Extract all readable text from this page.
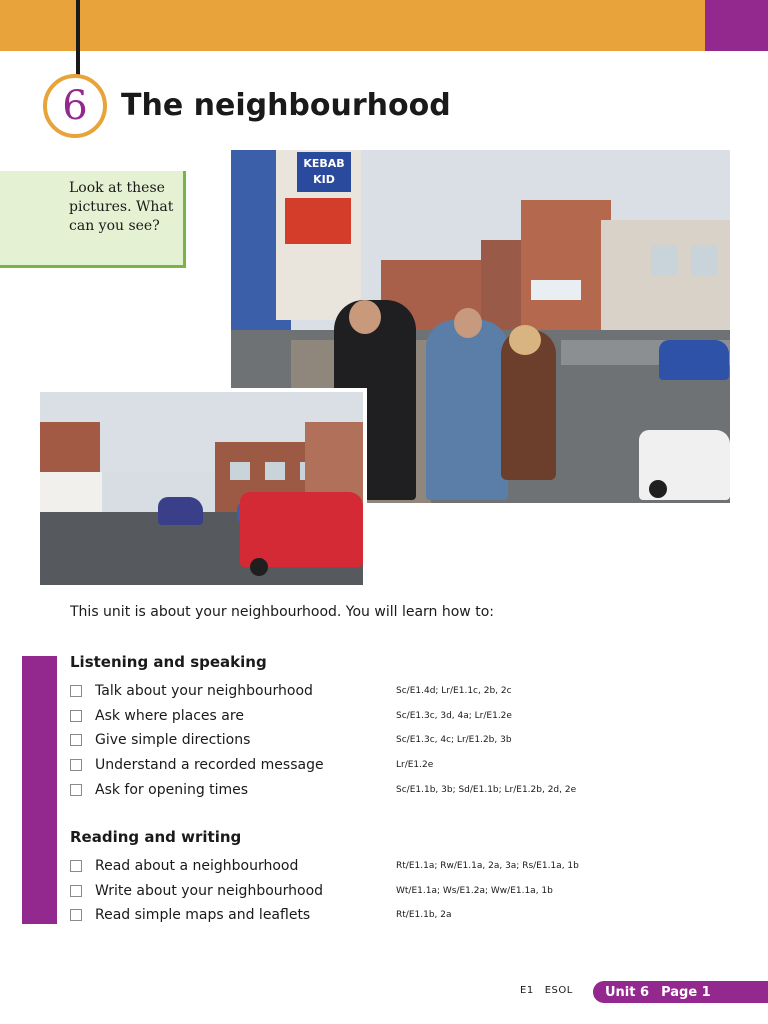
6 The neighbourhood

Look at these pictures. What can you see?

KEBAB KID

This unit is about your neighbourhood. You will learn how to:

Listening and speaking
Talk about your neighbourhood	Sc/E1.4d; Lr/E1.1c, 2b, 2c
Ask where places are	Sc/E1.3c, 3d, 4a; Lr/E1.2e
Give simple directions	Sc/E1.3c, 4c; Lr/E1.2b, 3b
Understand a recorded message	Lr/E1.2e
Ask for opening times	Sc/E1.1b, 3b; Sd/E1.1b; Lr/E1.2b, 2d, 2e
Reading and writing
Read about a neighbourhood	Rt/E1.1a; Rw/E1.1a, 2a, 3a; Rs/E1.1a, 1b
Write about your neighbourhood	Wt/E1.1a; Ws/E1.2a; Ww/E1.1a, 1b
Read simple maps and leaflets	Rt/E1.1b, 2a
E1 ESOL Unit 6 Page 1
